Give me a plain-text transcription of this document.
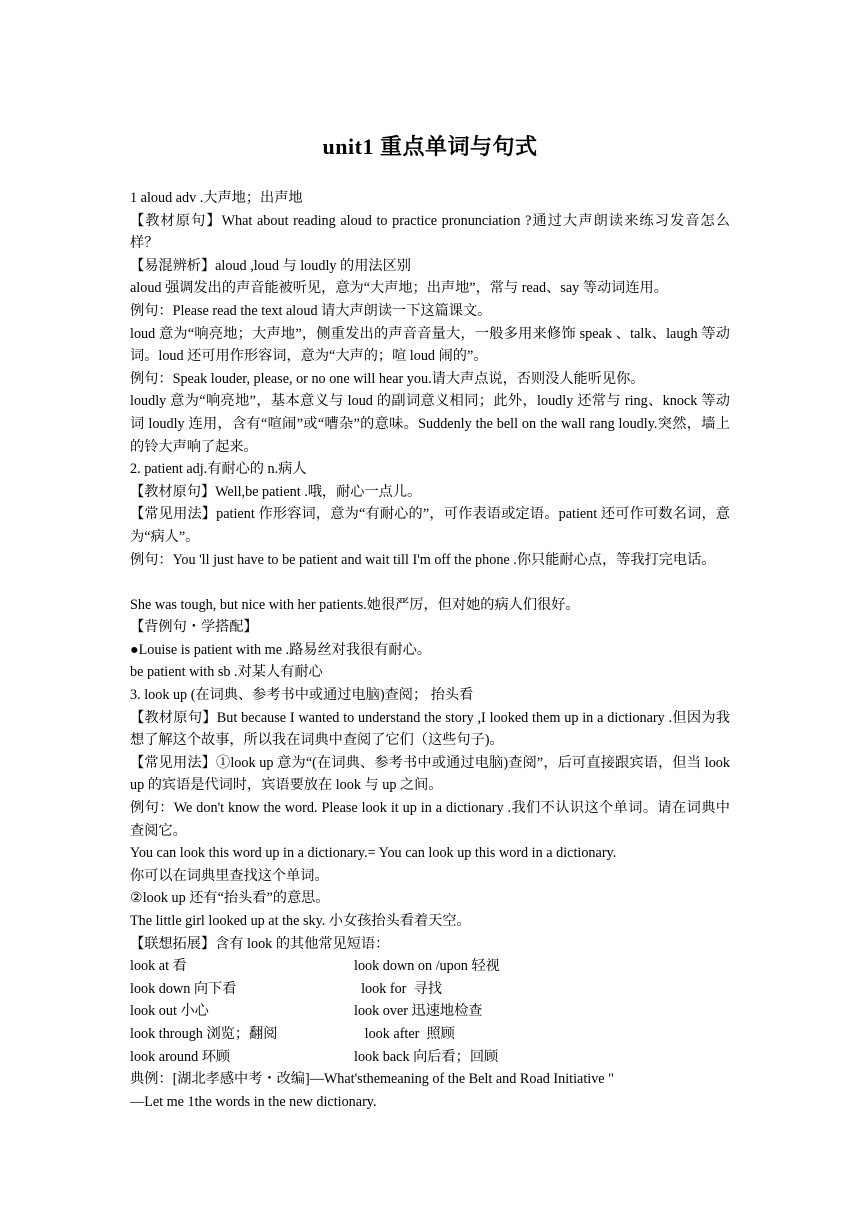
unit1 重点单词与句式
1 aloud adv .大声地；出声地
【教材原句】What about reading aloud to practice pronunciation ?通过大声朗读来练习发音怎么样？
【易混辨析】aloud ,loud 与 loudly 的用法区别
aloud 强调发出的声音能被听见，意为“大声地；出声地”，常与 read、say 等动词连用。
例句：Please read the text aloud 请大声朗读一下这篇课文。
loud 意为“响亮地；大声地”，侧重发出的声音音量大，一般多用来修饰 speak 、talk、laugh 等动词。loud 还可用作形容词，意为“大声的；喧 loud 闹的”。
例句：Speak louder, please, or no one will hear you.请大声点说，否则没人能听见你。
loudly 意为“响亮地”，基本意义与 loud 的副词意义相同；此外，loudly 还常与 ring、knock 等动词 loudly 连用，含有“喧闹”或“嘈杂”的意味。Suddenly the bell on the wall rang loudly.突然，墙上的铃大声响了起来。
2. patient adj.有耐心的 n.病人
【教材原句】Well,be patient .哦，耐心一点儿。
【常见用法】patient 作形容词，意为“有耐心的”，可作表语或定语。patient 还可作可数名词，意为“病人”。
例句：You 'll just have to be patient and wait till I'm off the phone .你只能耐心点，等我打完电话。
She was tough, but nice with her patients.她很严厉，但对她的病人们很好。
【背例句・学搭配】
●Louise is patient with me .路易丝对我很有耐心。
be patient with sb .对某人有耐心
3. look up (在词典、参考书中或通过电脑)查阅； 抬头看
【教材原句】But because I wanted to understand the story ,I looked them up in a dictionary .但因为我想了解这个故事，所以我在词典中查阅了它们（这些句子)。
【常见用法】①look up 意为“(在词典、参考书中或通过电脑)查阅”，后可直接跟宾语，但当 look up 的宾语是代词时，宾语要放在 look 与 up 之间。
例句：We don't know the word. Please look it up in a dictionary .我们不认识这个单词。请在词典中查阅它。
You can look this word up in a dictionary.= You can look up this word in a dictionary.
你可以在词典里查找这个单词。
②look up 还有“抬头看”的意思。
The little girl looked up at the sky. 小女孩抬头看着天空。
【联想拓展】含有 look 的其他常见短语：
look at 看	look down on /upon 轻视
look down 向下看	look for  寻找
look out 小心	look over 迅速地检查
look through 浏览；翻阅	look after  照顾
look around 环顾	look back 向后看；回顾
典例：[湖北孝感中考・改编]—What'sthemeaning of the Belt and Road Initiative "
—Let me 1the words in the new dictionary.
